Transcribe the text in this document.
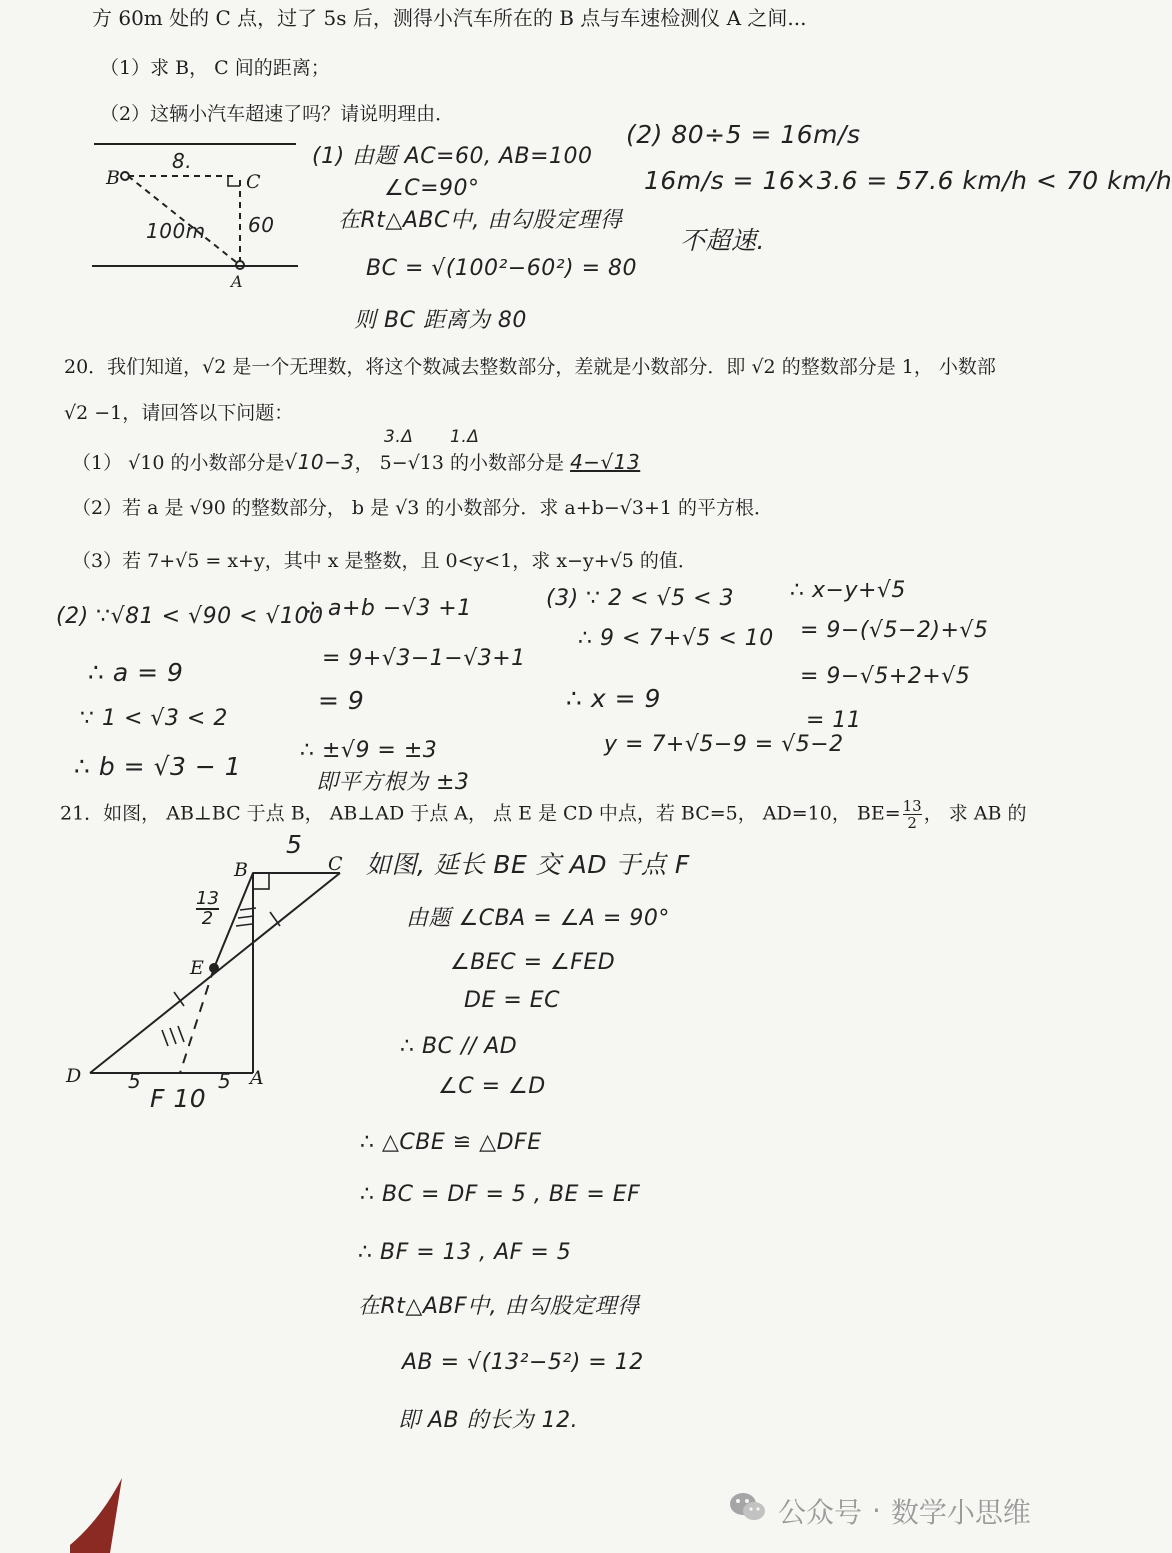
方 60m 处的 C 点，过了 5s 后，测得小汽车所在的 B 点与车速检测仪 A 之间...
（1）求 B， C 间的距离；
（2）这辆小汽车超速了吗？请说明理由．
B	C
A
8.
100m 60
(1) 由题 AC=60, AB=100
∠C=90°
在Rt△ABC中, 由勾股定理得
BC = √(100²−60²) = 80
则 BC 距离为 80
(2) 80÷5 = 16m/s
16m/s = 16×3.6 = 57.6 km/h < 70 km/h
不超速.
20．我们知道，√2 是一个无理数，将这个数减去整数部分，差就是小数部分．即 √2 的整数部分是 1， 小数部
√2 −1，请回答以下问题：
3.Δ 1.Δ
（1） √10 的小数部分是√10−3， 5−√13 的小数部分是 4−√13
（2）若 a 是 √90 的整数部分， b 是 √3 的小数部分．求 a+b−√3+1 的平方根．
（3）若 7+√5 = x+y，其中 x 是整数，且 0<y<1，求 x−y+√5 的值．
(2) ∵√81 < √90 < √100
∴ a = 9
∵ 1 < √3 < 2
∴ b = √3 − 1
∴ a+b −√3 +1
= 9+√3−1−√3+1
= 9
∴ ±√9 = ±3
即平方根为 ±3
(3) ∵ 2 < √5 < 3
∴ 9 < 7+√5 < 10
∴ x = 9
y = 7+√5−9 = √5−2
∴ x−y+√5
= 9−(√5−2)+√5
= 9−√5+2+√5
= 11
21．如图， AB⊥BC 于点 B， AB⊥AD 于点 A， 点 E 是 CD 中点，若 BC=5， AD=10， $BE= \frac{13}{2}$ ， 求 AB 的
B	C
E
D	A
5
$\frac{13}{2}$
5	5
F 10
如图, 延长 BE 交 AD 于点 F
由题 ∠CBA = ∠A = 90°
∠BEC = ∠FED
DE = EC
∴ BC // AD
∠C = ∠D
∴ △CBE ≌ △DFE
∴ BC = DF = 5 , BE = EF
∴ BF = 13 , AF = 5
在Rt△ABF中, 由勾股定理得
AB = √(13²−5²) = 12
即 AB 的长为 12.
公众号 · 数学小思维
